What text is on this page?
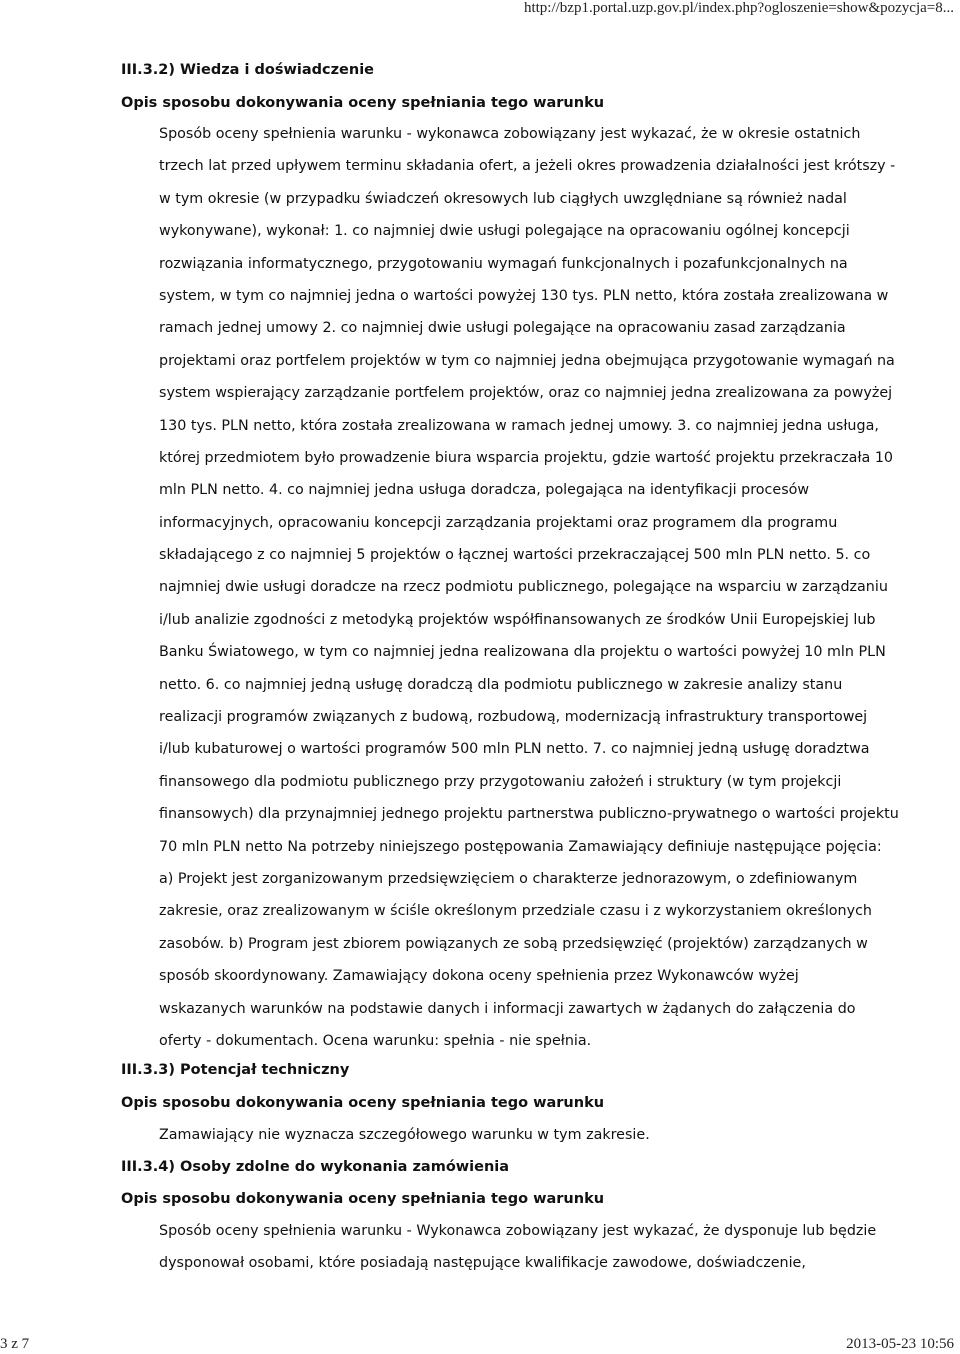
http://bzp1.portal.uzp.gov.pl/index.php?ogloszenie=show&pozycja=8...
III.3.2) Wiedza i doświadczenie
Opis sposobu dokonywania oceny spełniania tego warunku
Sposób oceny spełnienia warunku - wykonawca zobowiązany jest wykazać, że w okresie ostatnich
trzech lat przed upływem terminu składania ofert, a jeżeli okres prowadzenia działalności jest krótszy -
w tym okresie (w przypadku świadczeń okresowych lub ciągłych uwzględniane są również nadal
wykonywane), wykonał: 1. co najmniej dwie usługi polegające na opracowaniu ogólnej koncepcji
rozwiązania informatycznego, przygotowaniu wymagań funkcjonalnych i pozafunkcjonalnych na
system, w tym co najmniej jedna o wartości powyżej 130 tys. PLN netto, która została zrealizowana w
ramach jednej umowy 2. co najmniej dwie usługi polegające na opracowaniu zasad zarządzania
projektami oraz portfelem projektów w tym co najmniej jedna obejmująca przygotowanie wymagań na
system wspierający zarządzanie portfelem projektów, oraz co najmniej jedna zrealizowana za powyżej
130 tys. PLN netto, która została zrealizowana w ramach jednej umowy. 3. co najmniej jedna usługa,
której przedmiotem było prowadzenie biura wsparcia projektu, gdzie wartość projektu przekraczała 10
mln PLN netto. 4. co najmniej jedna usługa doradcza, polegająca na identyfikacji procesów
informacyjnych, opracowaniu koncepcji zarządzania projektami oraz programem dla programu
składającego z co najmniej 5 projektów o łącznej wartości przekraczającej 500 mln PLN netto. 5. co
najmniej dwie usługi doradcze na rzecz podmiotu publicznego, polegające na wsparciu w zarządzaniu
i/lub analizie zgodności z metodyką projektów współfinansowanych ze środków Unii Europejskiej lub
Banku Światowego, w tym co najmniej jedna realizowana dla projektu o wartości powyżej 10 mln PLN
netto. 6. co najmniej jedną usługę doradczą dla podmiotu publicznego w zakresie analizy stanu
realizacji programów związanych z budową, rozbudową, modernizacją infrastruktury transportowej
i/lub kubaturowej o wartości programów 500 mln PLN netto. 7. co najmniej jedną usługę doradztwa
finansowego dla podmiotu publicznego przy przygotowaniu założeń i struktury (w tym projekcji
finansowych) dla przynajmniej jednego projektu partnerstwa publiczno-prywatnego o wartości projektu
70 mln PLN netto Na potrzeby niniejszego postępowania Zamawiający definiuje następujące pojęcia:
a) Projekt jest zorganizowanym przedsięwzięciem o charakterze jednorazowym, o zdefiniowanym
zakresie, oraz zrealizowanym w ściśle określonym przedziale czasu i z wykorzystaniem określonych
zasobów. b) Program jest zbiorem powiązanych ze sobą przedsięwzięć (projektów) zarządzanych w
sposób skoordynowany. Zamawiający dokona oceny spełnienia przez Wykonawców wyżej
wskazanych warunków na podstawie danych i informacji zawartych w żądanych do załączenia do
oferty - dokumentach. Ocena warunku: spełnia - nie spełnia.
III.3.3) Potencjał techniczny
Opis sposobu dokonywania oceny spełniania tego warunku
Zamawiający nie wyznacza szczegółowego warunku w tym zakresie.
III.3.4) Osoby zdolne do wykonania zamówienia
Opis sposobu dokonywania oceny spełniania tego warunku
Sposób oceny spełnienia warunku - Wykonawca zobowiązany jest wykazać, że dysponuje lub będzie
dysponował osobami, które posiadają następujące kwalifikacje zawodowe, doświadczenie,
3 z 7	2013-05-23 10:56
